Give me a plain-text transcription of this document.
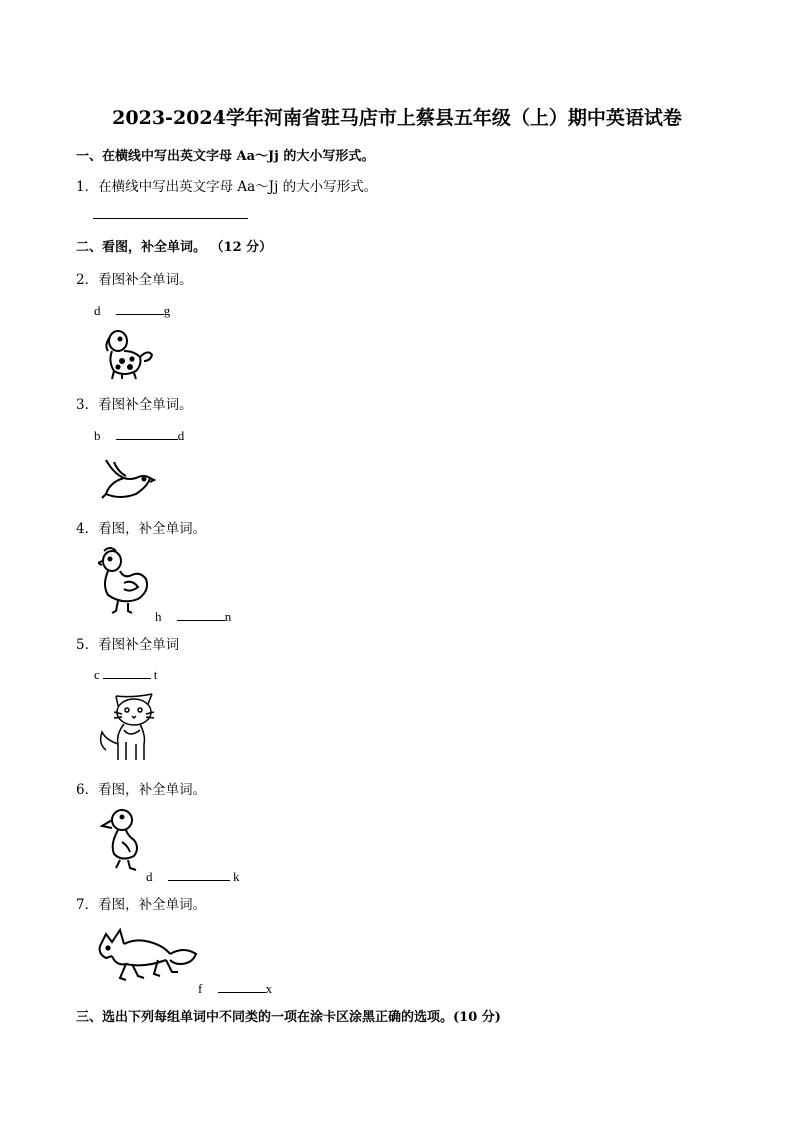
2023-2024学年河南省驻马店市上蔡县五年级（上）期中英语试卷
一、在横线中写出英文字母 Aa～Jj 的大小写形式。
1．在横线中写出英文字母 Aa～Jj 的大小写形式。
二、看图，补全单词。 （12 分）
2．看图补全单词。
d	g
3．看图补全单词。
b	d
4．看图，补全单词。
h	n
5．看图补全单词
c	t
6．看图，补全单词。
d	k
7．看图，补全单词。
f	x
三、选出下列每组单词中不同类的一项在涂卡区涂黑正确的选项。(10 分)
